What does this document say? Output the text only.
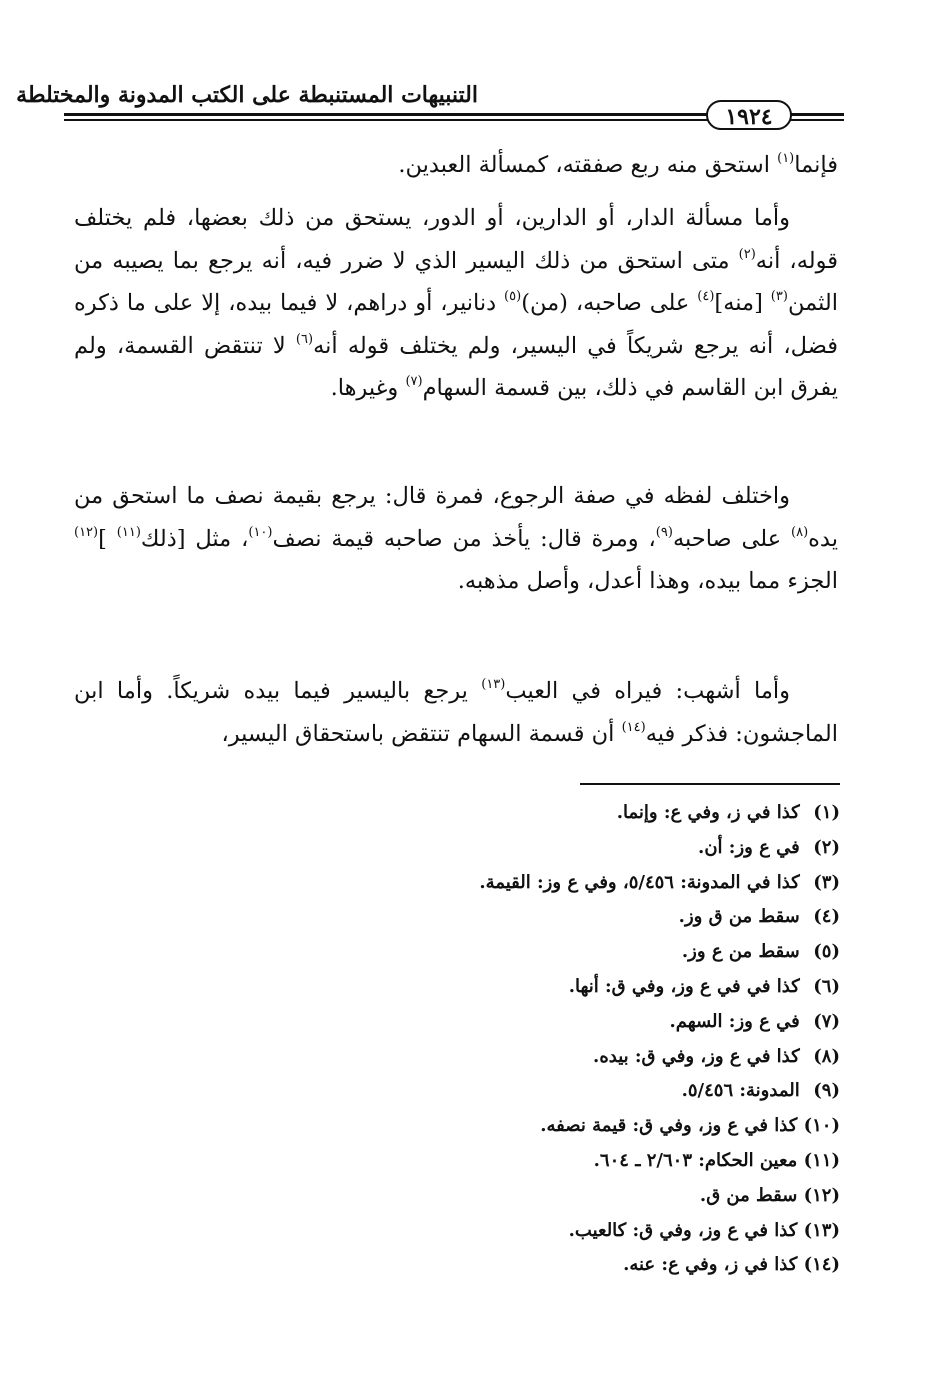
التنبيهات المستنبطة على الكتب المدونة والمختلطة
١٩٢٤

فإنما$^{(١)}$ استحق منه ربع صفقته، كمسألة العبدين.

وأما مسألة الدار، أو الدارين، أو الدور، يستحق من ذلك بعضها، فلم يختلف قوله، أنه$^{(٢)}$ متى استحق من ذلك اليسير الذي لا ضرر فيه، أنه يرجع بما يصيبه من الثمن$^{(٣)}$ [منه]$^{(٤)}$ على صاحبه، (من)$^{(٥)}$ دنانير، أو دراهم، لا فيما بيده، إلا على ما ذكره فضل، أنه يرجع شريكاً في اليسير، ولم يختلف قوله أنه$^{(٦)}$ لا تنتقض القسمة، ولم يفرق ابن القاسم في ذلك، بين قسمة السهام$^{(٧)}$ وغيرها.

واختلف لفظه في صفة الرجوع، فمرة قال: يرجع بقيمة نصف ما استحق من يده$^{(٨)}$ على صاحبه$^{(٩)}$، ومرة قال: يأخذ من صاحبه قيمة نصف$^{(١٠)}$، مثل [ذلك$^{(١١)}$ ]$^{(١٢)}$ الجزء مما بيده، وهذا أعدل، وأصل مذهبه.

وأما أشهب: فيراه في العيب$^{(١٣)}$ يرجع باليسير فيما بيده شريكاً. وأما ابن الماجشون: فذكر فيه$^{(١٤)}$ أن قسمة السهام تنتقض باستحقاق اليسير،

(١) كذا في ز، وفي ع: وإنما.
(٢) في ع وز: أن.
(٣) كذا في المدونة: ٥/٤٥٦، وفي ع وز: القيمة.
(٤) سقط من ق وز.
(٥) سقط من ع وز.
(٦) كذا في في ع وز، وفي ق: أنها.
(٧) في ع وز: السهم.
(٨) كذا في ع وز، وفي ق: بيده.
(٩) المدونة: ٥/٤٥٦.
(١٠) كذا في ع وز، وفي ق: قيمة نصفه.
(١١) معين الحكام: ٢/٦٠٣ ـ ٦٠٤.
(١٢) سقط من ق.
(١٣) كذا في ع وز، وفي ق: كالعيب.
(١٤) كذا في ز، وفي ع: عنه.
